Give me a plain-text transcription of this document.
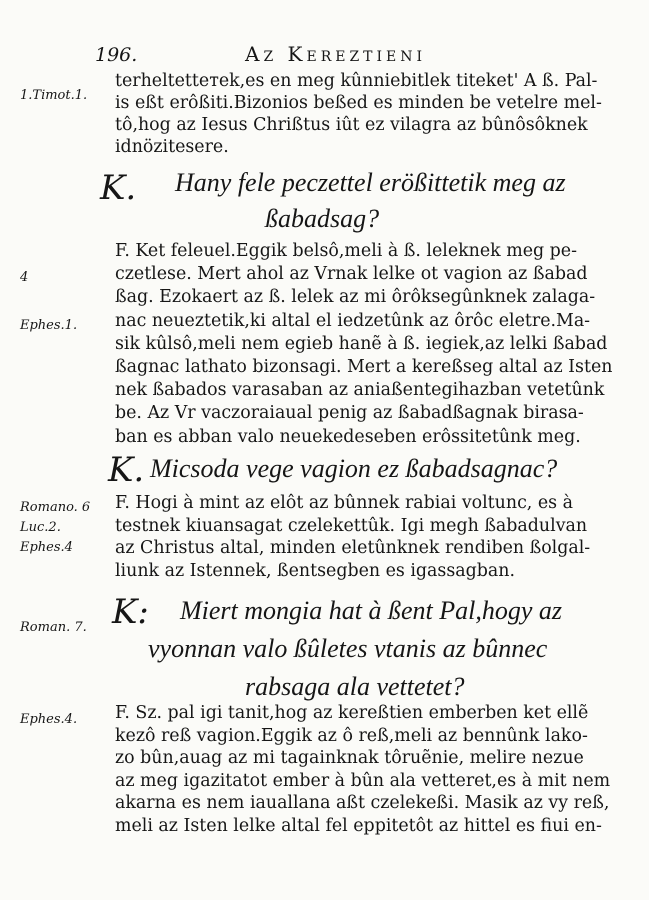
196.	Az Kereztieni
1.Timot.1.
4
Ephes.1.
Romano. 6
Luc.2.
Ephes.4
Roman. 7.
Ephes.4.
terheltetteтek,es en meg kûnniebitlek titeket' A ß. Pal-
is eßt erôßiti.Bizonios beßed es minden be vetelre mel-
tô,hog az Iesus Chrißtus iût ez vilagra az bûnôsôknek
idnözitesere.
K. Hany fele peczettel erößittetik meg az
ßabadsag?
F. Ket feleuel.Eggik belsô,meli à ß. leleknek meg pe-
czetlese. Mert ahol az Vrnak lelke ot vagion az ßabad
ßag. Ezokaert az ß. lelek az mi ôrôksegûnknek zalaga-
nac neueztetik,ki altal el iedzetûnk az ôrôc eletre.Ma-
sik kûlsô,meli nem egieb hanẽ à ß. iegiek,az lelki ßabad
ßagnac lathato bizonsagi. Mert a kereßseg altal az Isten
nek ßabados varasaban az aniaßentegihazban vetetûnk
be. Az Vr vaczoraiaual penig az ßabadßagnak birasa-
ban es abban valo neuekedeseben erôssitetûnk meg.
K. Micsoda vege vagion ez ßabadsagnac?
F. Hogi à mint az elôt az bûnnek rabiai voltunc, es à
testnek kiuansagat czelekettûk. Igi megh ßabadulvan
az Christus altal, minden eletûnknek rendiben ßolgal-
liunk az Istennek, ßentsegben es igassagban.
K: Miert mongia hat à ßent Pal,hogy az
vyonnan valo ßûletes vtanis az bûnnec
rabsaga ala vettetet?
F. Sz. pal igi tanit,hog az kereßtien emberben ket ellẽ
kezô reß vagion.Eggik az ô reß,meli az bennûnk lako-
zo bûn,auag az mi tagainknak tôruẽnie, melire nezue
az meg igazitatot ember à bûn ala vetteret,es à mit nem
akarna es nem iauallana aßt czelekeßi. Masik az vy reß,
meli az Isten lelke altal fel eppitetôt az hittel es fiui en-
